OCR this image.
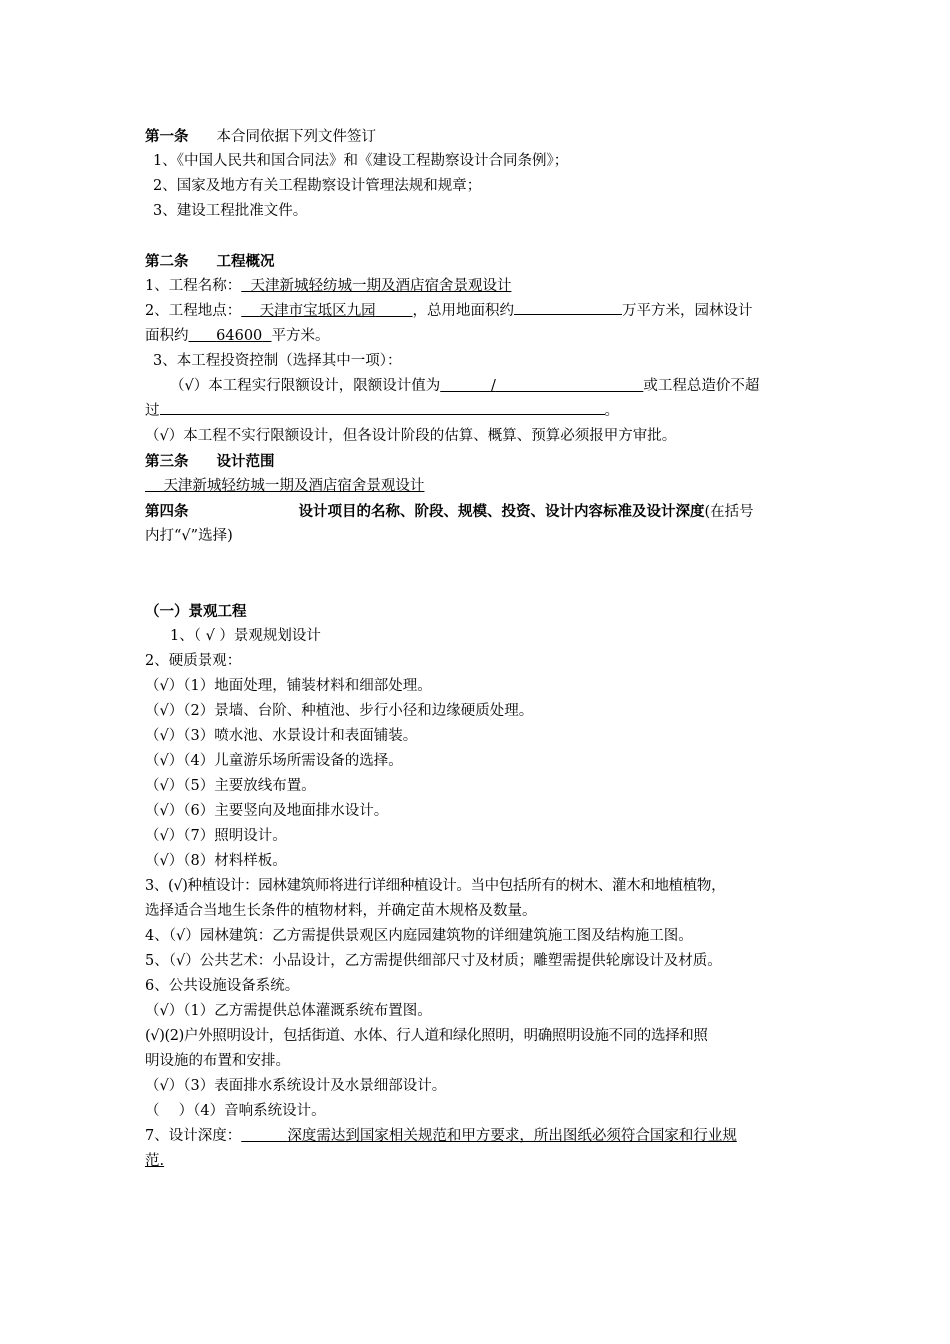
第一条 本合同依据下列文件签订
1、《中国人民共和国合同法》和《建设工程勘察设计合同条例》；
2、国家及地方有关工程勘察设计管理法规和规章；
3、建设工程批准文件。
第二条 工程概况
1、工程名称： 天津新城轻纺城一期及酒店宿舍景观设计
2、工程地点： 天津市宝坻区九园	，总用地面积约	万平方米，园林设计
面积约 64600 平方米。
3、本工程投资控制（选择其中一项）：
（√）本工程实行限额设计，限额设计值为	/	或工程总造价不超
过	。
（√）本工程不实行限额设计，但各设计阶段的估算、概算、预算必须报甲方审批。
第三条 设计范围
天津新城轻纺城一期及酒店宿舍景观设计
第四条	设计项目的名称、阶段、规模、投资、设计内容标准及设计深度(在括号
内打“√”选择)
（一）景观工程
1、（ √ ）景观规划设计
2、硬质景观：
（√）（1）地面处理，铺装材料和细部处理。
（√）（2）景墙、台阶、种植池、步行小径和边缘硬质处理。
（√）（3）喷水池、水景设计和表面铺装。
（√）（4）儿童游乐场所需设备的选择。
（√）（5）主要放线布置。
（√）（6）主要竖向及地面排水设计。
（√）（7）照明设计。
（√）（8）材料样板。
3、(√)种植设计：园林建筑师将进行详细种植设计。当中包括所有的树木、灌木和地植植物，
选择适合当地生长条件的植物材料，并确定苗木规格及数量。
4、（√）园林建筑：乙方需提供景观区内庭园建筑物的详细建筑施工图及结构施工图。
5、（√）公共艺术：小品设计，乙方需提供细部尺寸及材质；雕塑需提供轮廓设计及材质。
6、公共设施设备系统。
（√）（1）乙方需提供总体灌溉系统布置图。
(√)(2)户外照明设计，包括街道、水体、行人道和绿化照明，明确照明设施不同的选择和照
明设施的布置和安排。
（√）（3）表面排水系统设计及水景细部设计。
（　 ）（4）音响系统设计。
7、设计深度：	深度需达到国家相关规范和甲方要求，所出图纸必须符合国家和行业规
范.
